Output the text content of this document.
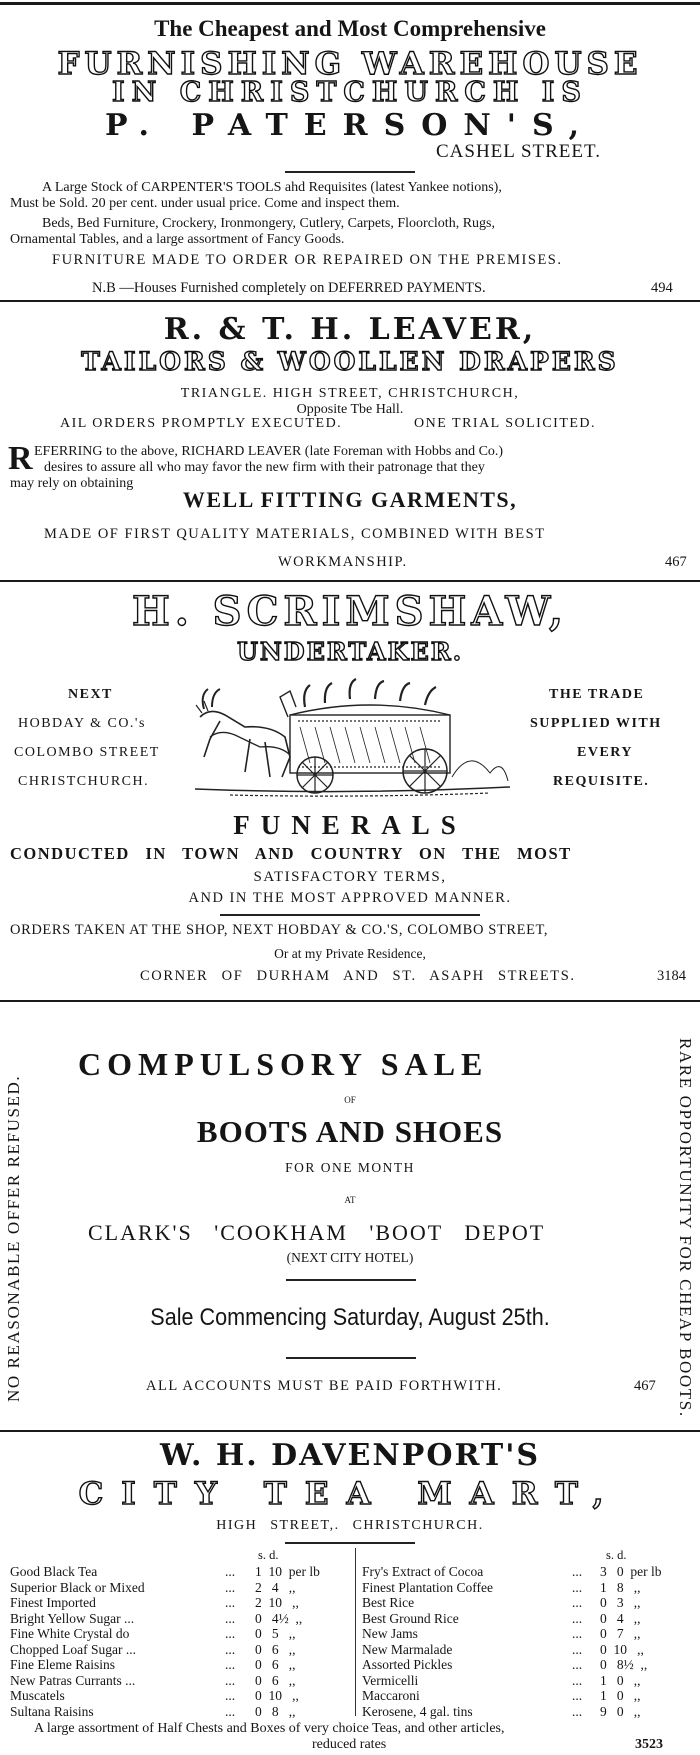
The Cheapest and Most Comprehensive
FURNISHING WAREHOUSE
IN CHRISTCHURCH IS
P. PATERSON'S,
CASHEL STREET.
A Large Stock of CARPENTER'S TOOLS ahd Requisites (latest Yankee notions),
Must be Sold. 20 per cent. under usual price. Come and inspect them.
Beds, Bed Furniture, Crockery, Ironmongery, Cutlery, Carpets, Floorcloth, Rugs,
Ornamental Tables, and a large assortment of Fancy Goods.
FURNITURE MADE TO ORDER OR REPAIRED ON THE PREMISES.
N.B —Houses Furnished completely on DEFERRED PAYMENTS.	494
R. & T. H. LEAVER,
TAILORS & WOOLLEN DRAPERS
TRIANGLE. HIGH STREET, CHRISTCHURCH,
Opposite Tbe Hall.
AIL ORDERS PROMPTLY EXECUTED.	ONE TRIAL SOLICITED.
R EFERRING to the above, RICHARD LEAVER (late Foreman with Hobbs and Co.)
desires to assure all who may favor the new firm with their patronage that they
may rely on obtaining
WELL FITTING GARMENTS,
MADE OF FIRST QUALITY MATERIALS, COMBINED WITH BEST
WORKMANSHIP.	467
H. SCRIMSHAW,
UNDERTAKER.
NEXT
HOBDAY & CO.'s
COLOMBO STREET
CHRISTCHURCH.
THE TRADE
SUPPLIED WITH
EVERY
REQUISITE.
FUNERALS
CONDUCTED IN TOWN AND COUNTRY ON THE MOST
SATISFACTORY TERMS,
AND IN THE MOST APPROVED MANNER.
ORDERS TAKEN AT THE SHOP, NEXT HOBDAY & CO.'S, COLOMBO STREET,
Or at my Private Residence,
CORNER OF DURHAM AND ST. ASAPH STREETS.	3184
NO REASONABLE OFFER REFUSED.	RARE OPPORTUNITY FOR CHEAP BOOTS.
COMPULSORY SALE
OF
BOOTS AND SHOES
FOR ONE MONTH
AT
CLARK'S 'COOKHAM 'BOOT DEPOT
(NEXT CITY HOTEL)
Sale Commencing Saturday, August 25th.
ALL ACCOUNTS MUST BE PAID FORTHWITH.	467
W. H. DAVENPORT'S
CITY TEA MART,
HIGH STREET,. CHRISTCHURCH.
s. d.	s. d.
Good Black Tea	...	1  10  per lb
Superior Black or Mixed	...	2   4   ,,
Finest Imported	...	2  10   ,,
Bright Yellow Sugar ...	...	0   4½  ,,
Fine White Crystal do	...	0   5   ,,
Chopped Loaf Sugar ...	...	0   6   ,,
Fine Eleme Raisins	...	0   6   ,,
New Patras Currants ...	...	0   6   ,,
Muscatels	...	0  10   ,,
Sultana Raisins	...	0   8   ,,
Fry's Extract of Cocoa	...	3   0  per lb
Finest Plantation Coffee	...	1   8   ,,
Best Rice	...	0   3   ,,
Best Ground Rice	...	0   4   ,,
New Jams	...	0   7   ,,
New Marmalade	...	0  10   ,,
Assorted Pickles	...	0   8½  ,,
Vermicelli	...	1   0   ,,
Maccaroni	...	1   0   ,,
Kerosene, 4 gal. tins	...	9   0   ,,
A large assortment of Half Chests and Boxes of very choice Teas, and other articles,
reduced rates	3523
